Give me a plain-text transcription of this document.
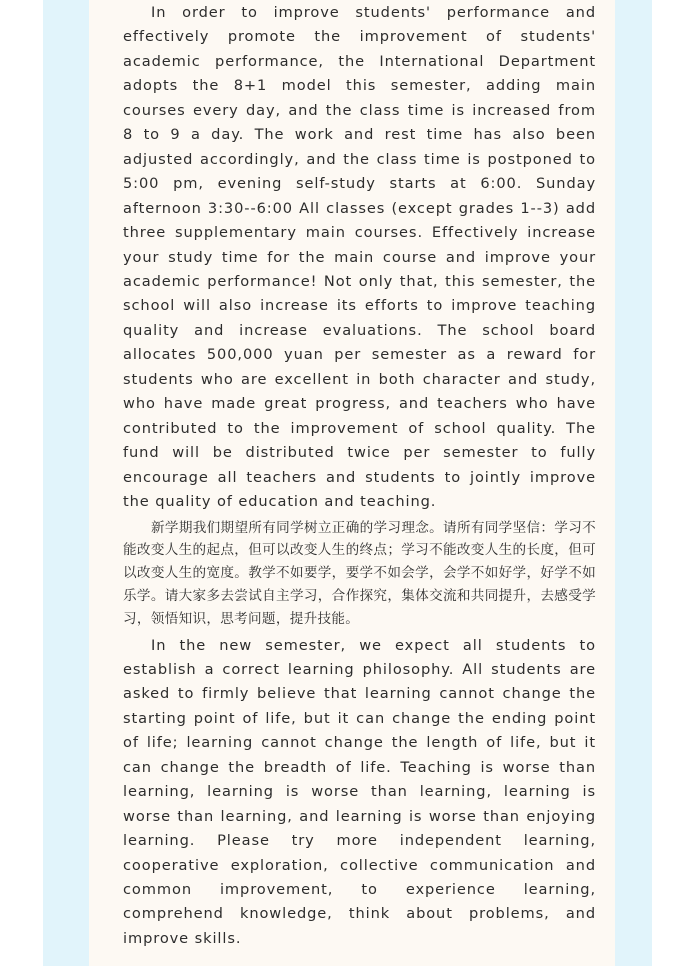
In order to improve students' performance and effectively promote the improvement of students' academic performance, the International Department adopts the 8+1 model this semester, adding main courses every day, and the class time is increased from 8 to 9 a day. The work and rest time has also been adjusted accordingly, and the class time is postponed to 5:00 pm, evening self-study starts at 6:00. Sunday afternoon 3:30--6:00 All classes (except grades 1--3) add three supplementary main courses. Effectively increase your study time for the main course and improve your academic performance! Not only that, this semester, the school will also increase its efforts to improve teaching quality and increase evaluations. The school board allocates 500,000 yuan per semester as a reward for students who are excellent in both character and study, who have made great progress, and teachers who have contributed to the improvement of school quality. The fund will be distributed twice per semester to fully encourage all teachers and students to jointly improve the quality of education and teaching.

新学期我们期望所有同学树立正确的学习理念。请所有同学坚信：学习不能改变人生的起点，但可以改变人生的终点；学习不能改变人生的长度，但可以改变人生的宽度。教学不如要学，要学不如会学，会学不如好学，好学不如乐学。请大家多去尝试自主学习，合作探究，集体交流和共同提升，去感受学习，领悟知识，思考问题，提升技能。

In the new semester, we expect all students to establish a correct learning philosophy. All students are asked to firmly believe that learning cannot change the starting point of life, but it can change the ending point of life; learning cannot change the length of life, but it can change the breadth of life. Teaching is worse than learning, learning is worse than learning, learning is worse than learning, and learning is worse than enjoying learning. Please try more independent learning, cooperative exploration, collective communication and common improvement, to experience learning, comprehend knowledge, think about problems, and improve skills.
